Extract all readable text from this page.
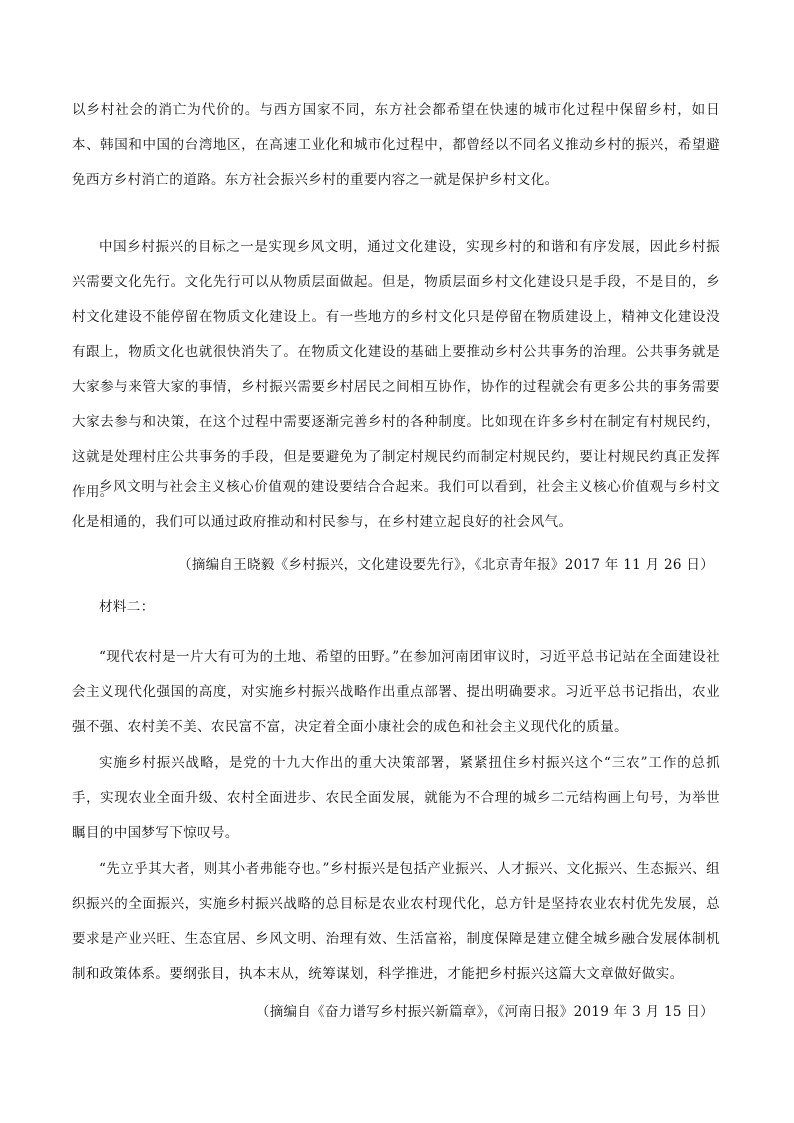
以乡村社会的消亡为代价的。与西方国家不同，东方社会都希望在快速的城市化过程中保留乡村，如日本、韩国和中国的台湾地区，在高速工业化和城市化过程中，都曾经以不同名义推动乡村的振兴，希望避免西方乡村消亡的道路。东方社会振兴乡村的重要内容之一就是保护乡村文化。

中国乡村振兴的目标之一是实现乡风文明，通过文化建设，实现乡村的和谐和有序发展，因此乡村振兴需要文化先行。文化先行可以从物质层面做起。但是，物质层面乡村文化建设只是手段，不是目的，乡村文化建设不能停留在物质文化建设上。有一些地方的乡村文化只是停留在物质建设上，精神文化建设没有跟上，物质文化也就很快消失了。在物质文化建设的基础上要推动乡村公共事务的治理。公共事务就是大家参与来管大家的事情，乡村振兴需要乡村居民之间相互协作，协作的过程就会有更多公共的事务需要大家去参与和决策，在这个过程中需要逐渐完善乡村的各种制度。比如现在许多乡村在制定有村规民约，这就是处理村庄公共事务的手段，但是要避免为了制定村规民约而制定村规民约，要让村规民约真正发挥作用。

乡风文明与社会主义核心价值观的建设要结合合起来。我们可以看到，社会主义核心价值观与乡村文化是相通的，我们可以通过政府推动和村民参与，在乡村建立起良好的社会风气。

（摘编自王晓毅《乡村振兴，文化建设要先行》，《北京青年报》2017 年 11 月 26 日）

材料二：

“现代农村是一片大有可为的土地、希望的田野。”在参加河南团审议时，习近平总书记站在全面建设社会主义现代化强国的高度，对实施乡村振兴战略作出重点部署、提出明确要求。习近平总书记指出，农业强不强、农村美不美、农民富不富，决定着全面小康社会的成色和社会主义现代化的质量。

实施乡村振兴战略，是党的十九大作出的重大决策部署，紧紧扭住乡村振兴这个“三农”工作的总抓手，实现农业全面升级、农村全面进步、农民全面发展，就能为不合理的城乡二元结构画上句号，为举世瞩目的中国梦写下惊叹号。

“先立乎其大者，则其小者弗能夺也。”乡村振兴是包括产业振兴、人才振兴、文化振兴、生态振兴、组织振兴的全面振兴，实施乡村振兴战略的总目标是农业农村现代化，总方针是坚持农业农村优先发展，总要求是产业兴旺、生态宜居、乡风文明、治理有效、生活富裕，制度保障是建立健全城乡融合发展体制机制和政策体系。要纲张目，执本末从，统筹谋划，科学推进，才能把乡村振兴这篇大文章做好做实。

（摘编自《奋力谱写乡村振兴新篇章》，《河南日报》2019 年 3 月 15 日）
